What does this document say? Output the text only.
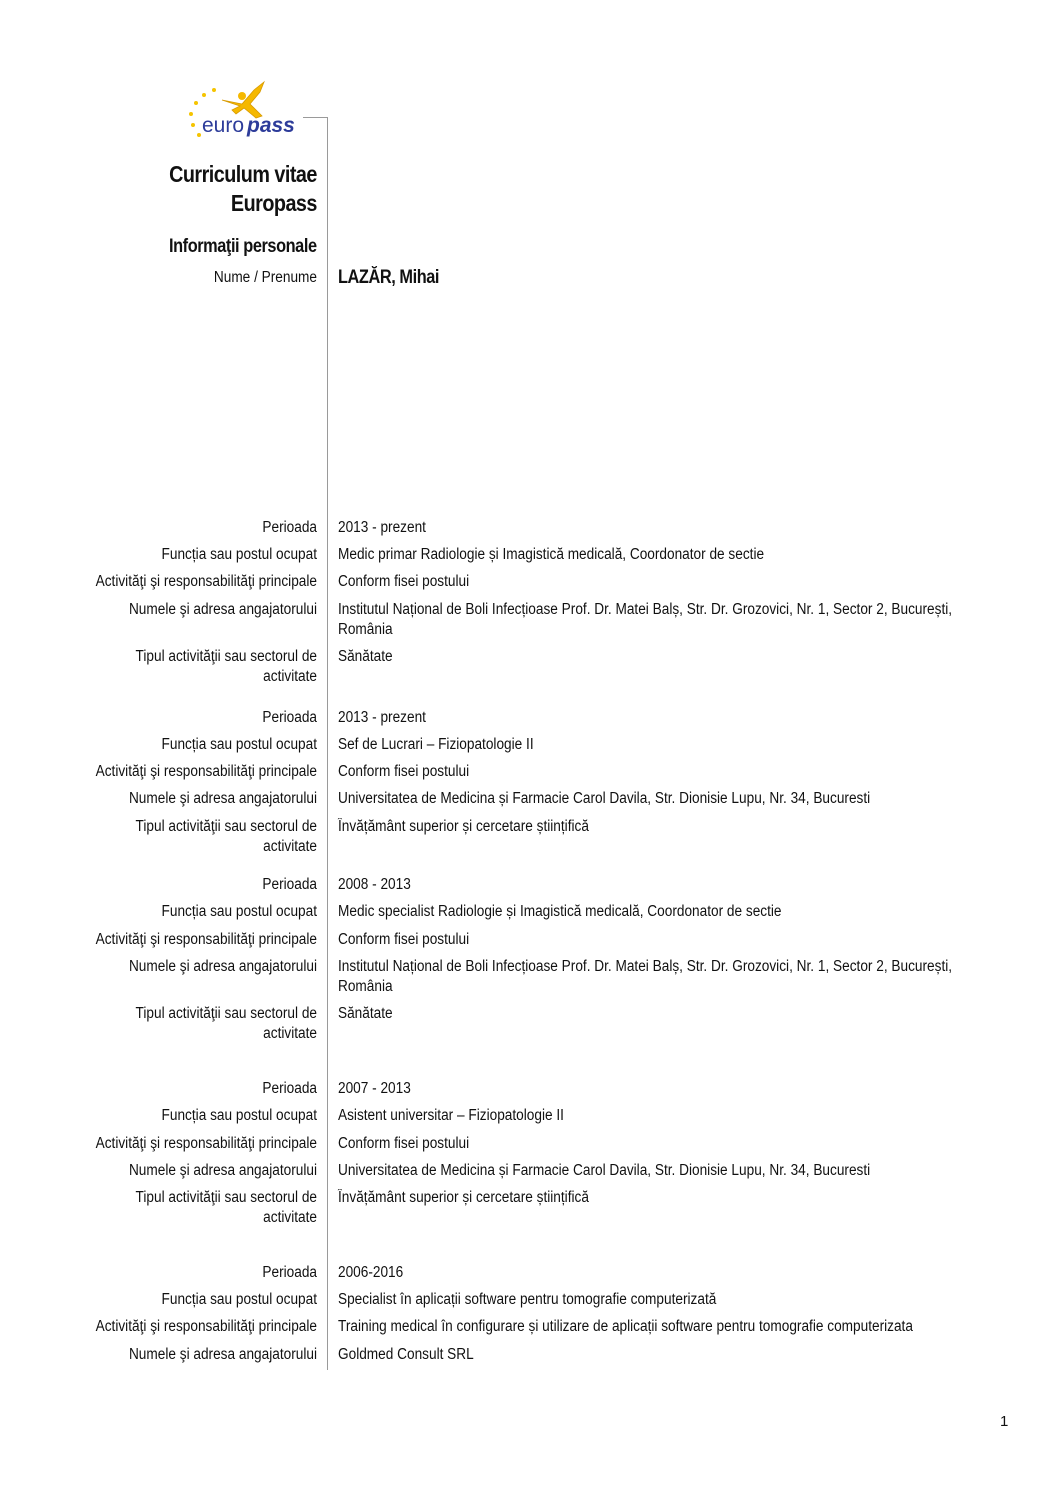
euro pass
Curriculum vitae
Europass
Informaţii personale
Nume / Prenume LAZĂR, Mihai
Perioada 2013 - prezent
Funcția sau postul ocupat Medic primar Radiologie și Imagistică medicală, Coordonator de sectie
Activităţi şi responsabilităţi principale Conform fisei postului
Numele şi adresa angajatorului Institutul Național de Boli Infecțioase Prof. Dr. Matei Balș, Str. Dr. Grozovici, Nr. 1, Sector 2, București, România
Tipul activităţii sau sectorul de activitate
Sănătate
Perioada 2013 - prezent
Funcția sau postul ocupat Sef de Lucrari – Fiziopatologie II
Activităţi şi responsabilităţi principale Conform fisei postului
Numele şi adresa angajatorului Universitatea de Medicina și Farmacie Carol Davila, Str. Dionisie Lupu, Nr. 34, Bucuresti
Tipul activităţii sau sectorul de activitate
Învățământ superior și cercetare științifică
Perioada 2008 - 2013
Funcția sau postul ocupat Medic specialist Radiologie și Imagistică medicală, Coordonator de sectie
Activităţi şi responsabilităţi principale Conform fisei postului
Numele şi adresa angajatorului Institutul Național de Boli Infecțioase Prof. Dr. Matei Balș, Str. Dr. Grozovici, Nr. 1, Sector 2, București, România
Tipul activităţii sau sectorul de activitate
Sănătate
Perioada 2007 - 2013
Funcția sau postul ocupat Asistent universitar – Fiziopatologie II
Activităţi şi responsabilităţi principale Conform fisei postului
Numele şi adresa angajatorului Universitatea de Medicina și Farmacie Carol Davila, Str. Dionisie Lupu, Nr. 34, Bucuresti
Tipul activităţii sau sectorul de activitate
Învățământ superior și cercetare științifică
Perioada 2006-2016
Funcția sau postul ocupat Specialist în aplicații software pentru tomografie computerizată
Activităţi şi responsabilităţi principale Training medical în configurare și utilizare de aplicații software pentru tomografie computerizata
Numele şi adresa angajatorului Goldmed Consult SRL
1
